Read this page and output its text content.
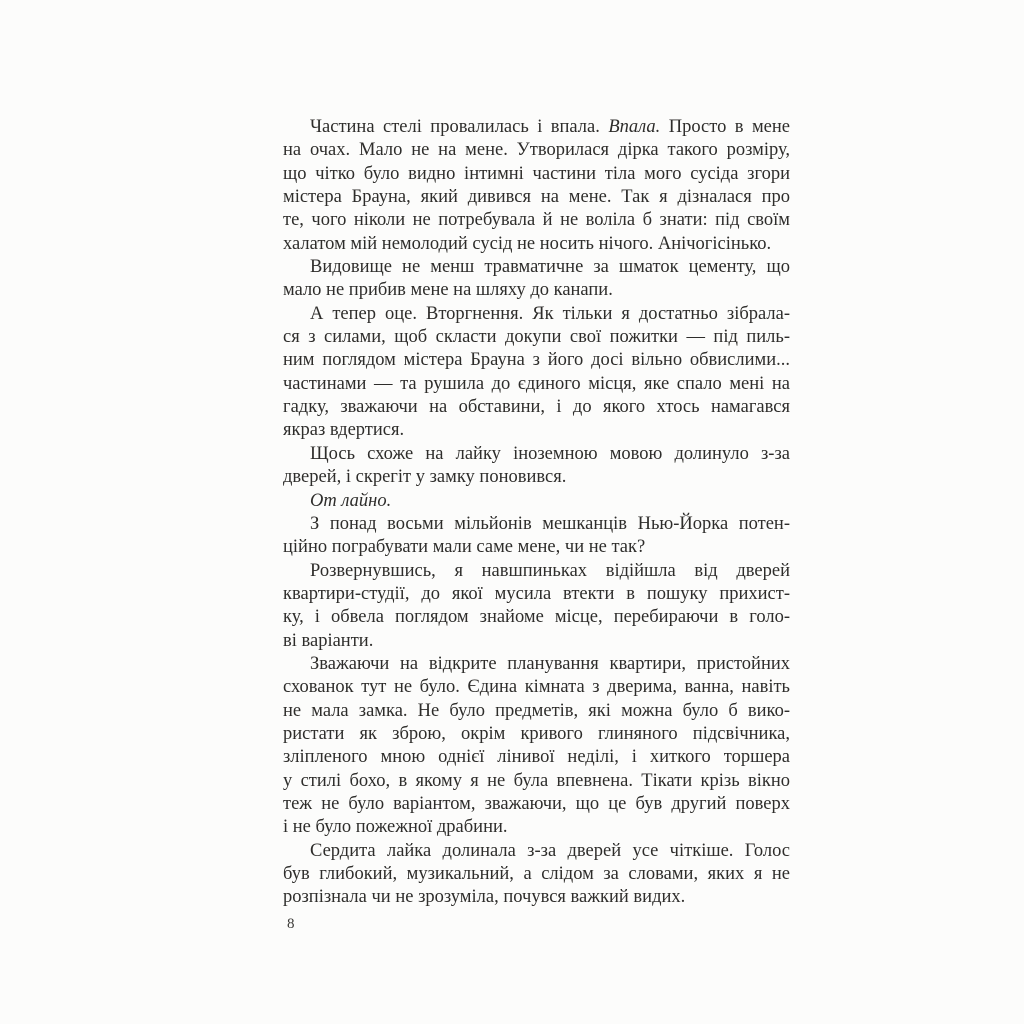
Частина стелі провалилась і впала. Впала. Просто в мене
на очах. Мало не на мене. Утворилася дірка такого розміру,
що чітко було видно інтимні частини тіла мого сусіда згори
містера Брауна, який дивився на мене. Так я дізналася про
те, чого ніколи не потребувала й не воліла б знати: під своїм
халатом мій немолодий сусід не носить нічого. Анічогісінько.
Видовище не менш травматичне за шматок цементу, що
мало не прибив мене на шляху до канапи.
А тепер оце. Вторгнення. Як тільки я достатньо зібрала-
ся з силами, щоб скласти докупи свої пожитки — під пиль-
ним поглядом містера Брауна з його досі вільно обвислими...
частинами — та рушила до єдиного місця, яке спало мені на
гадку, зважаючи на обставини, і до якого хтось намагався
якраз вдертися.
Щось схоже на лайку іноземною мовою долинуло з-за
дверей, і скрегіт у замку поновився.
От лайно.
З понад восьми мільйонів мешканців Нью-Йорка потен-
ційно пограбувати мали саме мене, чи не так?
Розвернувшись, я навшпиньках відійшла від дверей
квартири-студії, до якої мусила втекти в пошуку прихист-
ку, і обвела поглядом знайоме місце, перебираючи в голо-
ві варіанти.
Зважаючи на відкрите планування квартири, пристойних
схованок тут не було. Єдина кімната з дверима, ванна, навіть
не мала замка. Не було предметів, які можна було б вико-
ристати як зброю, окрім кривого глиняного підсвічника,
зліпленого мною однієї лінивої неділі, і хиткого торшера
у стилі бохо, в якому я не була впевнена. Тікати крізь вікно
теж не було варіантом, зважаючи, що це був другий поверх
і не було пожежної драбини.
Сердита лайка долинала з-за дверей усе чіткіше. Голос
був глибокий, музикальний, а слідом за словами, яких я не
розпізнала чи не зрозуміла, почувся важкий видих.
8
